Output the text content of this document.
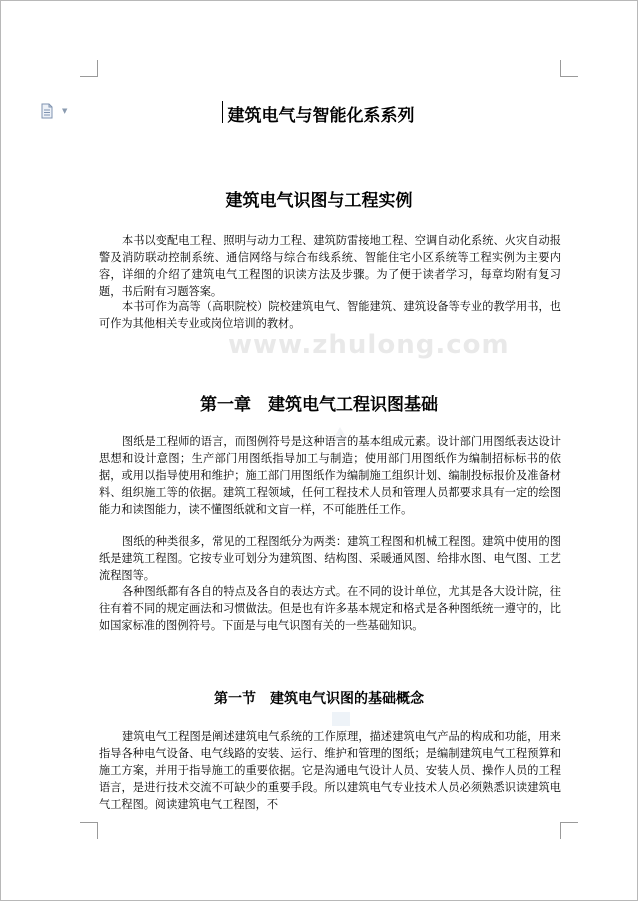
▼
www.zhulong.com
建筑电气与智能化系系列
建筑电气识图与工程实例

本书以变配电工程、照明与动力工程、建筑防雷接地工程、空调自动化系统、火灾自动报警及消防联动控制系统、通信网络与综合布线系统、智能住宅小区系统等工程实例为主要内容，详细的介绍了建筑电气工程图的识读方法及步骤。为了便于读者学习，每章均附有复习题，书后附有习题答案。

本书可作为高等（高职院校）院校建筑电气、智能建筑、建筑设备等专业的教学用书，也可作为其他相关专业或岗位培训的教材。

第一章　建筑电气工程识图基础

图纸是工程师的语言，而图例符号是这种语言的基本组成元素。设计部门用图纸表达设计思想和设计意图；生产部门用图纸指导加工与制造；使用部门用图纸作为编制招标标书的依据，或用以指导使用和维护；施工部门用图纸作为编制施工组织计划、编制投标报价及准备材料、组织施工等的依据。建筑工程领域，任何工程技术人员和管理人员都要求具有一定的绘图能力和读图能力，读不懂图纸就和文盲一样，不可能胜任工作。

图纸的种类很多，常见的工程图纸分为两类：建筑工程图和机械工程图。建筑中使用的图纸是建筑工程图。它按专业可划分为建筑图、结构图、采暖通风图、给排水图、电气图、工艺流程图等。

各种图纸都有各自的特点及各自的表达方式。在不同的设计单位，尤其是各大设计院，往往有着不同的规定画法和习惯做法。但是也有许多基本规定和格式是各种图纸统一遵守的，比如国家标准的图例符号。下面是与电气识图有关的一些基础知识。

第一节　建筑电气识图的基础概念

建筑电气工程图是阐述建筑电气系统的工作原理，描述建筑电气产品的构成和功能，用来指导各种电气设备、电气线路的安装、运行、维护和管理的图纸；是编制建筑电气工程预算和施工方案，并用于指导施工的重要依据。它是沟通电气设计人员、安装人员、操作人员的工程语言，是进行技术交流不可缺少的重要手段。所以建筑电气专业技术人员必须熟悉识读建筑电气工程图。阅读建筑电气工程图，不
